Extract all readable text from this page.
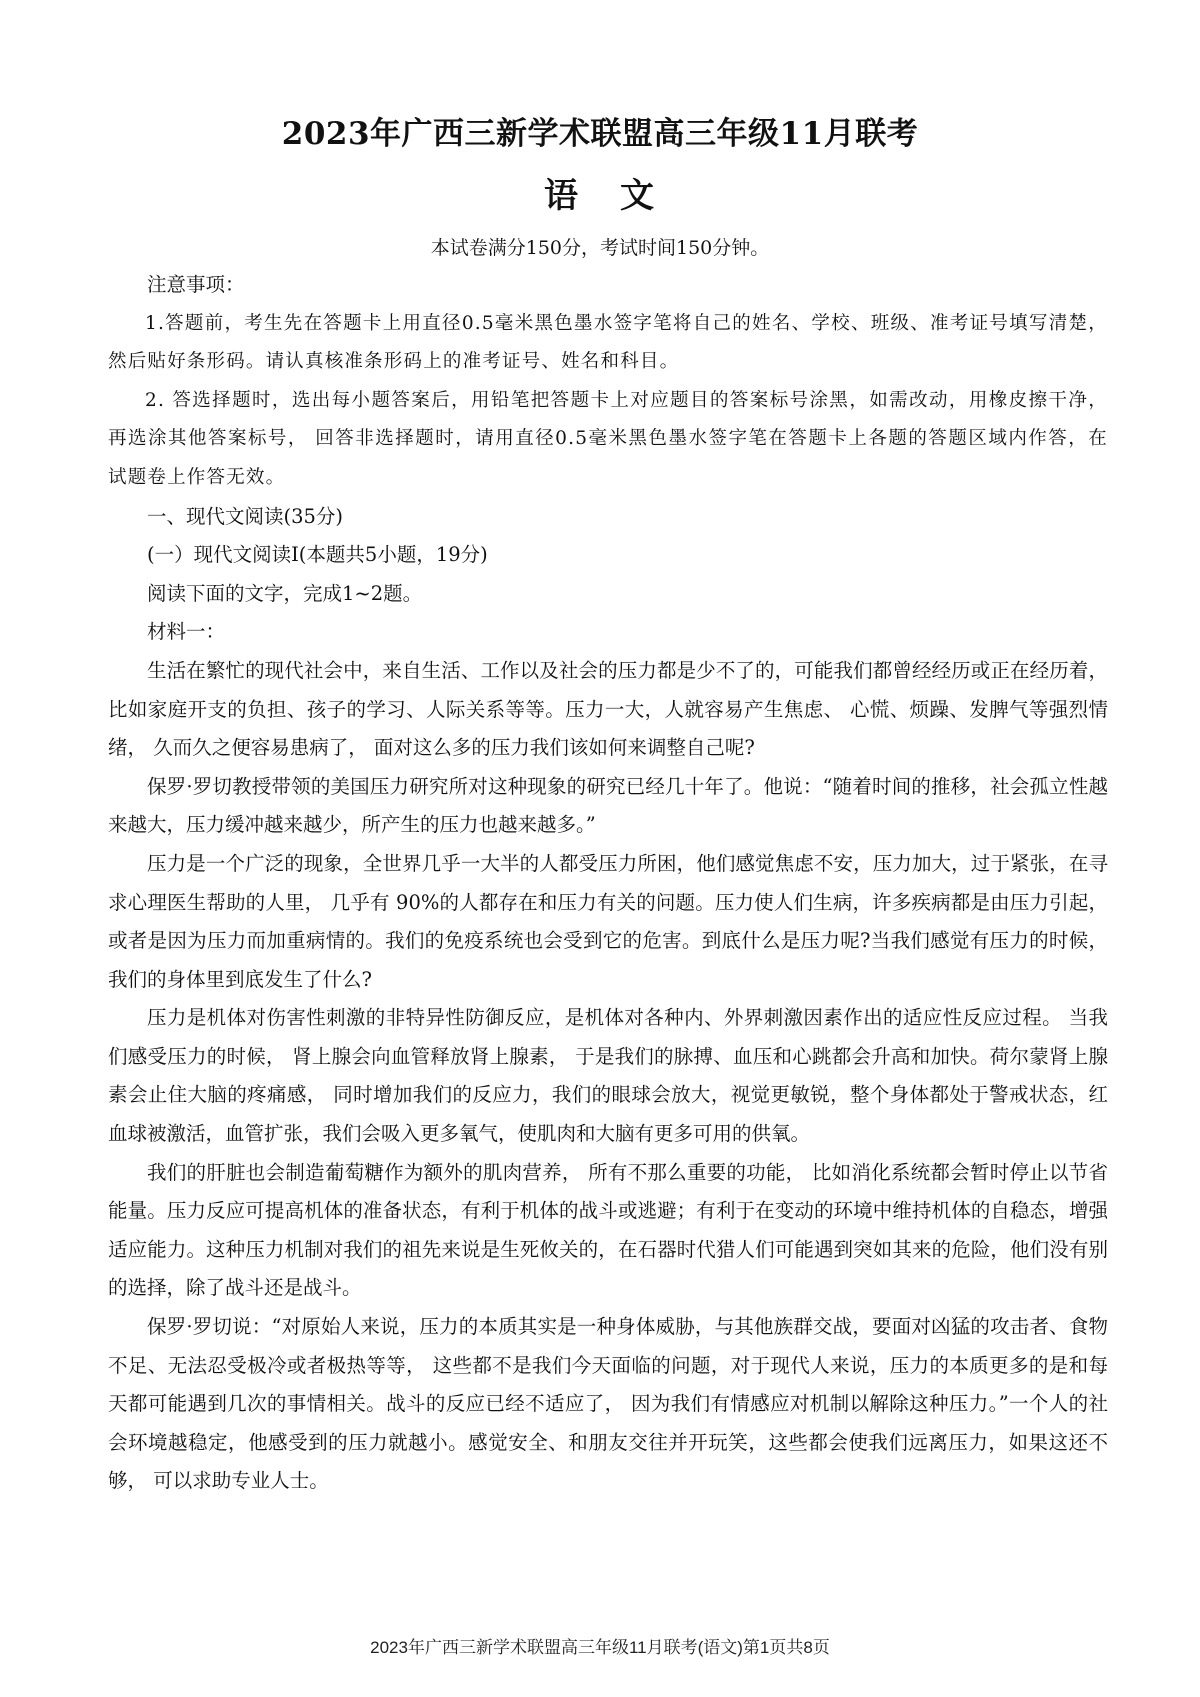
2023年广西三新学术联盟高三年级11月联考
语 文
本试卷满分150分，考试时间150分钟。
注意事项：

1.答题前，考生先在答题卡上用直径0.5毫米黑色墨水签字笔将自己的姓名、学校、班级、准考证号填写清楚，然后贴好条形码。请认真核准条形码上的准考证号、姓名和科目。

2. 答选择题时，选出每小题答案后，用铅笔把答题卡上对应题目的答案标号涂黑，如需改动，用橡皮擦干净，再选涂其他答案标号， 回答非选择题时，请用直径0.5毫米黑色墨水签字笔在答题卡上各题的答题区域内作答，在试题卷上作答无效。

一、现代文阅读(35分)
(一）现代文阅读Ⅰ(本题共5小题，19分)
阅读下面的文字，完成1~2题。
材料一：

生活在繁忙的现代社会中，来自生活、工作以及社会的压力都是少不了的，可能我们都曾经经历或正在经历着， 比如家庭开支的负担、孩子的学习、人际关系等等。压力一大，人就容易产生焦虑、 心慌、烦躁、发脾气等强烈情绪， 久而久之便容易患病了， 面对这么多的压力我们该如何来调整自己呢?

保罗·罗切教授带领的美国压力研究所对这种现象的研究已经几十年了。他说：“随着时间的推移，社会孤立性越来越大，压力缓冲越来越少，所产生的压力也越来越多。”

压力是一个广泛的现象，全世界几乎一大半的人都受压力所困，他们感觉焦虑不安，压力加大，过于紧张，在寻求心理医生帮助的人里， 几乎有 90%的人都存在和压力有关的问题。压力使人们生病，许多疾病都是由压力引起，或者是因为压力而加重病情的。我们的免疫系统也会受到它的危害。到底什么是压力呢?当我们感觉有压力的时候，我们的身体里到底发生了什么?

压力是机体对伤害性刺激的非特异性防御反应，是机体对各种内、外界刺激因素作出的适应性反应过程。 当我们感受压力的时候， 肾上腺会向血管释放肾上腺素， 于是我们的脉搏、血压和心跳都会升高和加快。荷尔蒙肾上腺素会止住大脑的疼痛感， 同时增加我们的反应力，我们的眼球会放大，视觉更敏锐，整个身体都处于警戒状态，红血球被激活，血管扩张，我们会吸入更多氧气，使肌肉和大脑有更多可用的供氧。

我们的肝脏也会制造葡萄糖作为额外的肌肉营养， 所有不那么重要的功能， 比如消化系统都会暂时停止以节省能量。压力反应可提高机体的准备状态，有利于机体的战斗或逃避；有利于在变动的环境中维持机体的自稳态，增强适应能力。这种压力机制对我们的祖先来说是生死攸关的，在石器时代猎人们可能遇到突如其来的危险，他们没有别的选择，除了战斗还是战斗。

保罗·罗切说：“对原始人来说，压力的本质其实是一种身体威胁，与其他族群交战，要面对凶猛的攻击者、食物不足、无法忍受极冷或者极热等等， 这些都不是我们今天面临的问题，对于现代人来说，压力的本质更多的是和每天都可能遇到几次的事情相关。战斗的反应已经不适应了， 因为我们有情感应对机制以解除这种压力。”一个人的社会环境越稳定，他感受到的压力就越小。感觉安全、和朋友交往并开玩笑，这些都会使我们远离压力，如果这还不够， 可以求助专业人士。

2023年广西三新学术联盟高三年级11月联考(语文)第1页共8页
